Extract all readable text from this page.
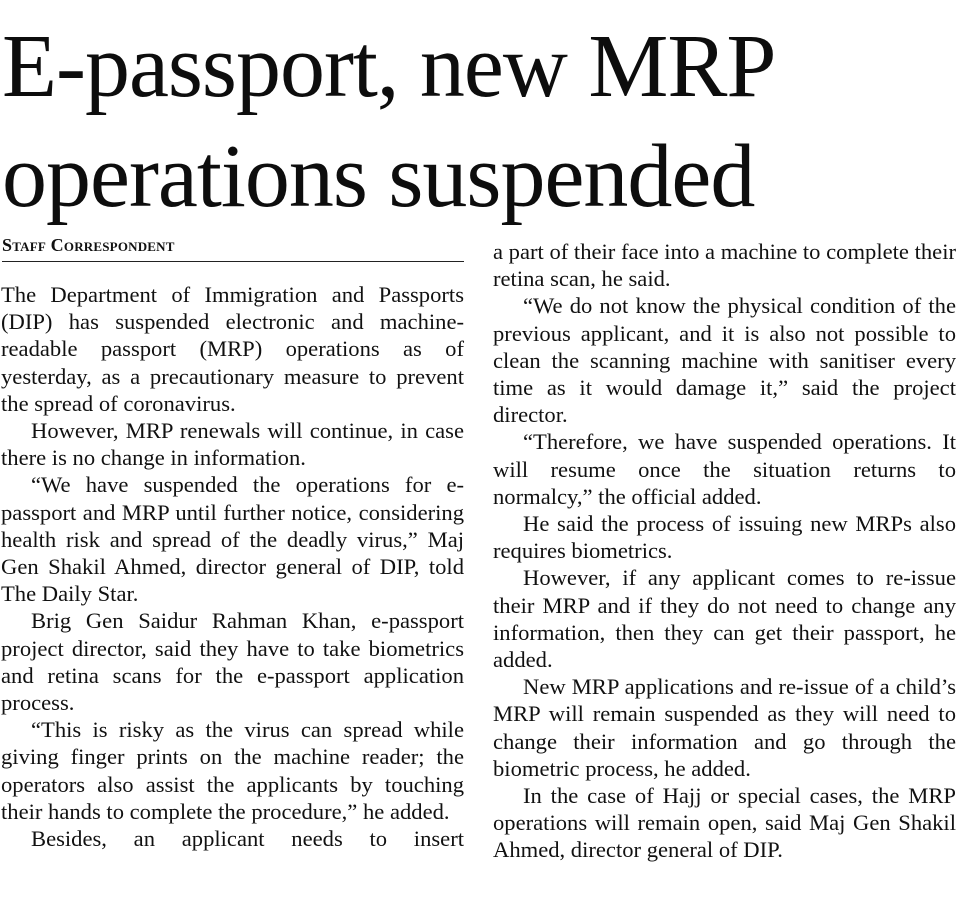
E-passport, new MRP
operations suspended
Staff Correspondent

The Department of Immigration and Passports (DIP) has suspended electronic and machine-readable passport (MRP) operations as of yesterday, as a precautionary measure to prevent the spread of coronavirus.

However, MRP renewals will continue, in case there is no change in information.

“We have suspended the operations for e-passport and MRP until further notice, considering health risk and spread of the deadly virus,” Maj Gen Shakil Ahmed, director general of DIP, told The Daily Star.

Brig Gen Saidur Rahman Khan, e-passport project director, said they have to take biometrics and retina scans for the e-passport application process.

“This is risky as the virus can spread while giving finger prints on the machine reader; the operators also assist the applicants by touching their hands to complete the procedure,” he added.

Besides, an applicant needs to insert

a part of their face into a machine to complete their retina scan, he said.

“We do not know the physical condition of the previous applicant, and it is also not possible to clean the scanning machine with sanitiser every time as it would damage it,” said the project director.

“Therefore, we have suspended operations. It will resume once the situation returns to normalcy,” the official added.

He said the process of issuing new MRPs also requires biometrics.

However, if any applicant comes to re-issue their MRP and if they do not need to change any information, then they can get their passport, he added.

New MRP applications and re-issue of a child’s MRP will remain suspended as they will need to change their information and go through the biometric process, he added.

In the case of Hajj or special cases, the MRP operations will remain open, said Maj Gen Shakil Ahmed, director general of DIP.
